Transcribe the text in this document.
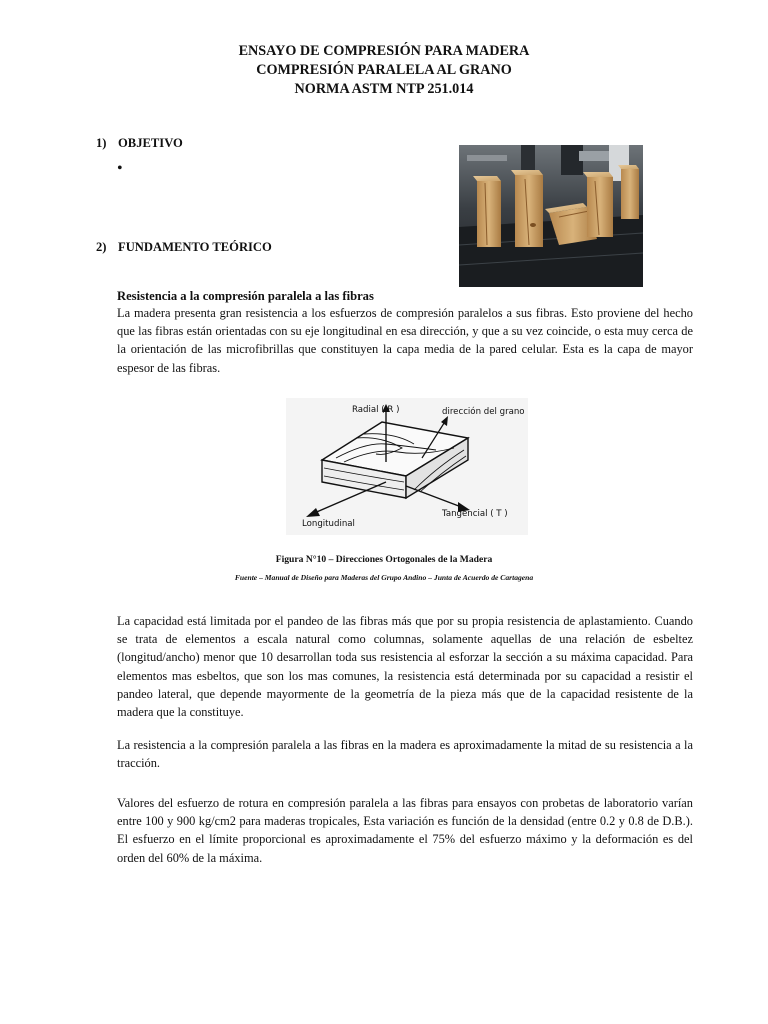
ENSAYO DE COMPRESIÓN PARA MADERA
COMPRESIÓN PARALELA AL GRANO
NORMA ASTM NTP 251.014
1) OBJETIVO
•
2) FUNDAMENTO TEÓRICO
Resistencia a la compresión paralela a las fibras
La madera presenta gran resistencia a los esfuerzos de compresión paralelos a sus fibras. Esto proviene del hecho que las fibras están orientadas con su eje longitudinal en esa dirección, y que a su vez coincide, o esta muy cerca de la orientación de las microfibrillas que constituyen la capa media de la pared celular. Esta es la capa de mayor espesor de las fibras.
Radial ( R )	dirección del grano
Tangencial ( T )
Longitudinal
Figura N°10 – Direcciones Ortogonales de la Madera
Fuente – Manual de Diseño para Maderas del Grupo Andino – Junta de Acuerdo de Cartagena
La capacidad está limitada por el pandeo de las fibras más que por su propia resistencia de aplastamiento. Cuando se trata de elementos a escala natural como columnas, solamente aquellas de una relación de esbeltez (longitud/ancho) menor que 10 desarrollan toda sus resistencia al esforzar la sección a su máxima capacidad. Para elementos mas esbeltos, que son los mas comunes, la resistencia está determinada por su capacidad a resistir el pandeo lateral, que depende mayormente de la geometría de la pieza más que de la capacidad resistente de la madera que la constituye.
La resistencia a la compresión paralela a las fibras en la madera es aproximadamente la mitad de su resistencia a la tracción.
Valores del esfuerzo de rotura en compresión paralela a las fibras para ensayos con probetas de laboratorio varían entre 100 y 900 kg/cm2 para maderas tropicales, Esta variación es función de la densidad (entre 0.2 y 0.8 de D.B.). El esfuerzo en el límite proporcional es aproximadamente el 75% del esfuerzo máximo y la deformación es del orden del 60% de la máxima.
